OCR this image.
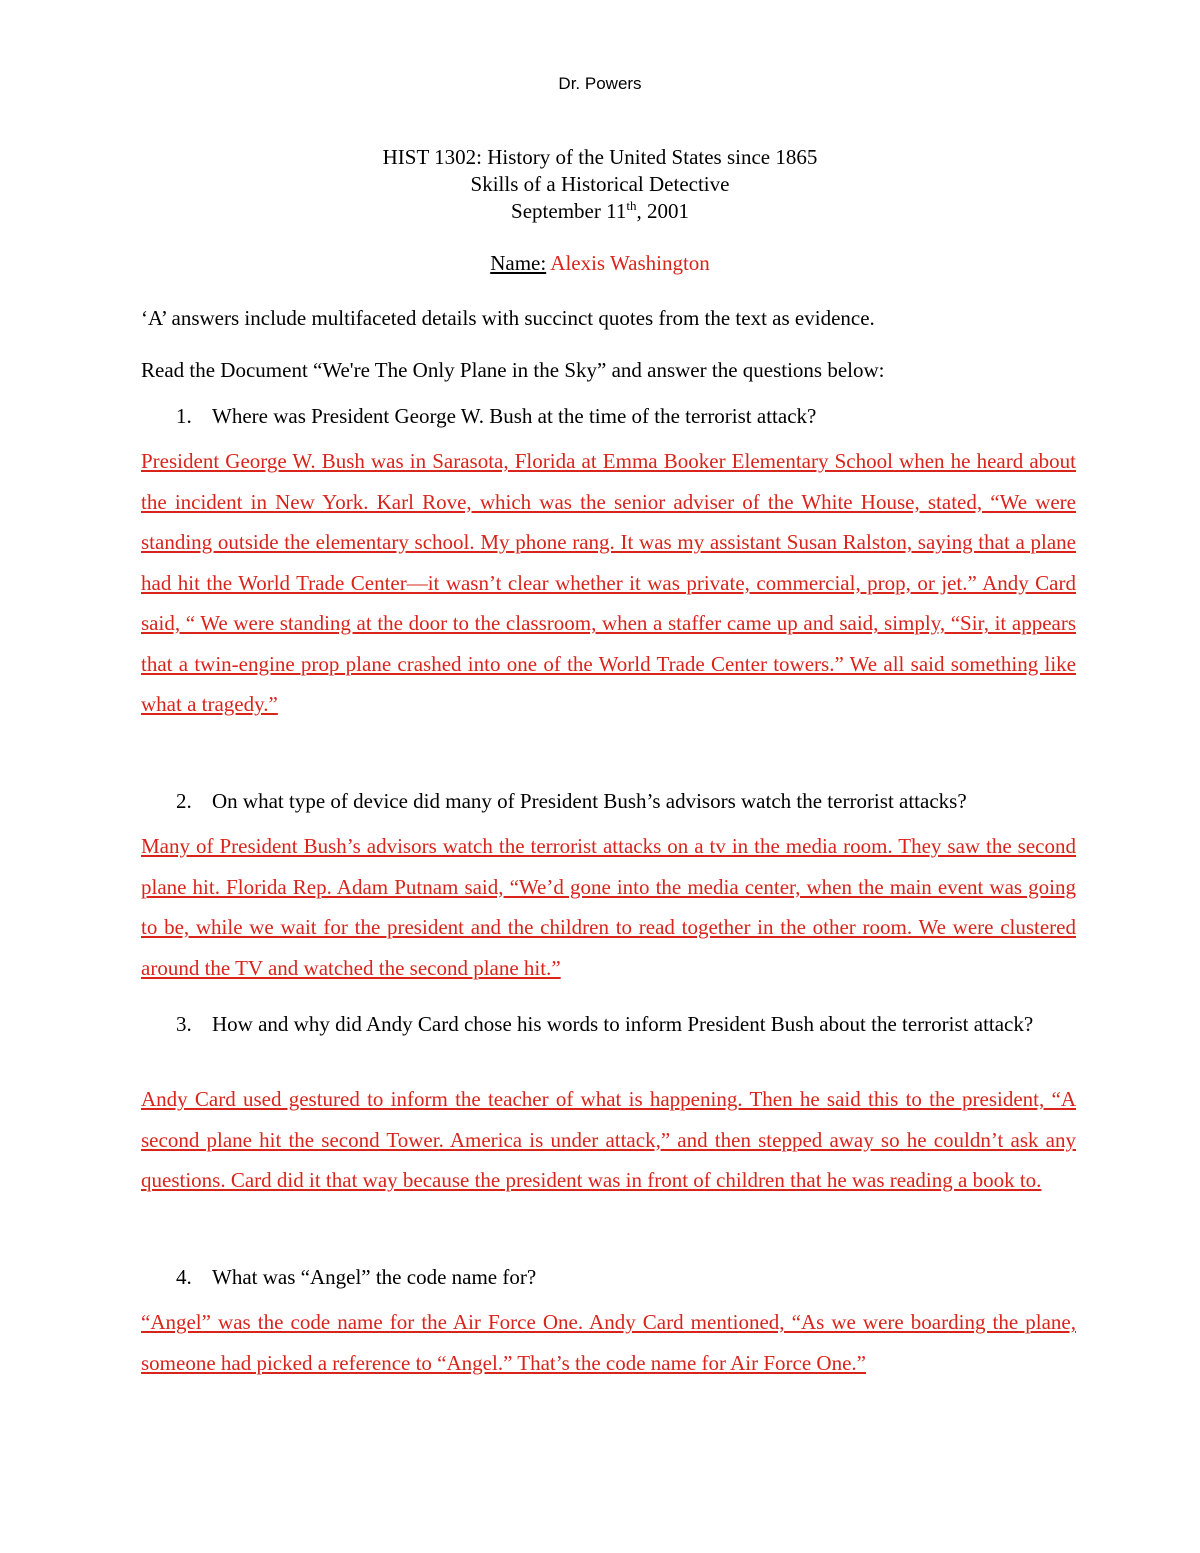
Dr. Powers
HIST 1302: History of the United States since 1865
Skills of a Historical Detective
September 11th, 2001
Name: Alexis Washington
‘A’ answers include multifaceted details with succinct quotes from the text as evidence.
Read the Document “We're The Only Plane in the Sky” and answer the questions below:
1. Where was President George W. Bush at the time of the terrorist attack?
President George W. Bush was in Sarasota, Florida at Emma Booker Elementary School when he heard about the incident in New York. Karl Rove, which was the senior adviser of the White House, stated, “We were standing outside the elementary school. My phone rang. It was my assistant Susan Ralston, saying that a plane had hit the World Trade Center—it wasn’t clear whether it was private, commercial, prop, or jet.” Andy Card said, “ We were standing at the door to the classroom, when a staffer came up and said, simply, “Sir, it appears that a twin-engine prop plane crashed into one of the World Trade Center towers.” We all said something like what a tragedy.”
2. On what type of device did many of President Bush’s advisors watch the terrorist attacks?
Many of President Bush’s advisors watch the terrorist attacks on a tv in the media room. They saw the second plane hit. Florida Rep. Adam Putnam said, “We’d gone into the media center, when the main event was going to be, while we wait for the president and the children to read together in the other room. We were clustered around the TV and watched the second plane hit.”
3. How and why did Andy Card chose his words to inform President Bush about the terrorist attack?
Andy Card used gestured to inform the teacher of what is happening. Then he said this to the president, “A second plane hit the second Tower. America is under attack,” and then stepped away so he couldn’t ask any questions. Card did it that way because the president was in front of children that he was reading a book to.
4. What was “Angel” the code name for?
“Angel” was the code name for the Air Force One. Andy Card mentioned, “As we were boarding the plane, someone had picked a reference to “Angel.” That’s the code name for Air Force One.”
